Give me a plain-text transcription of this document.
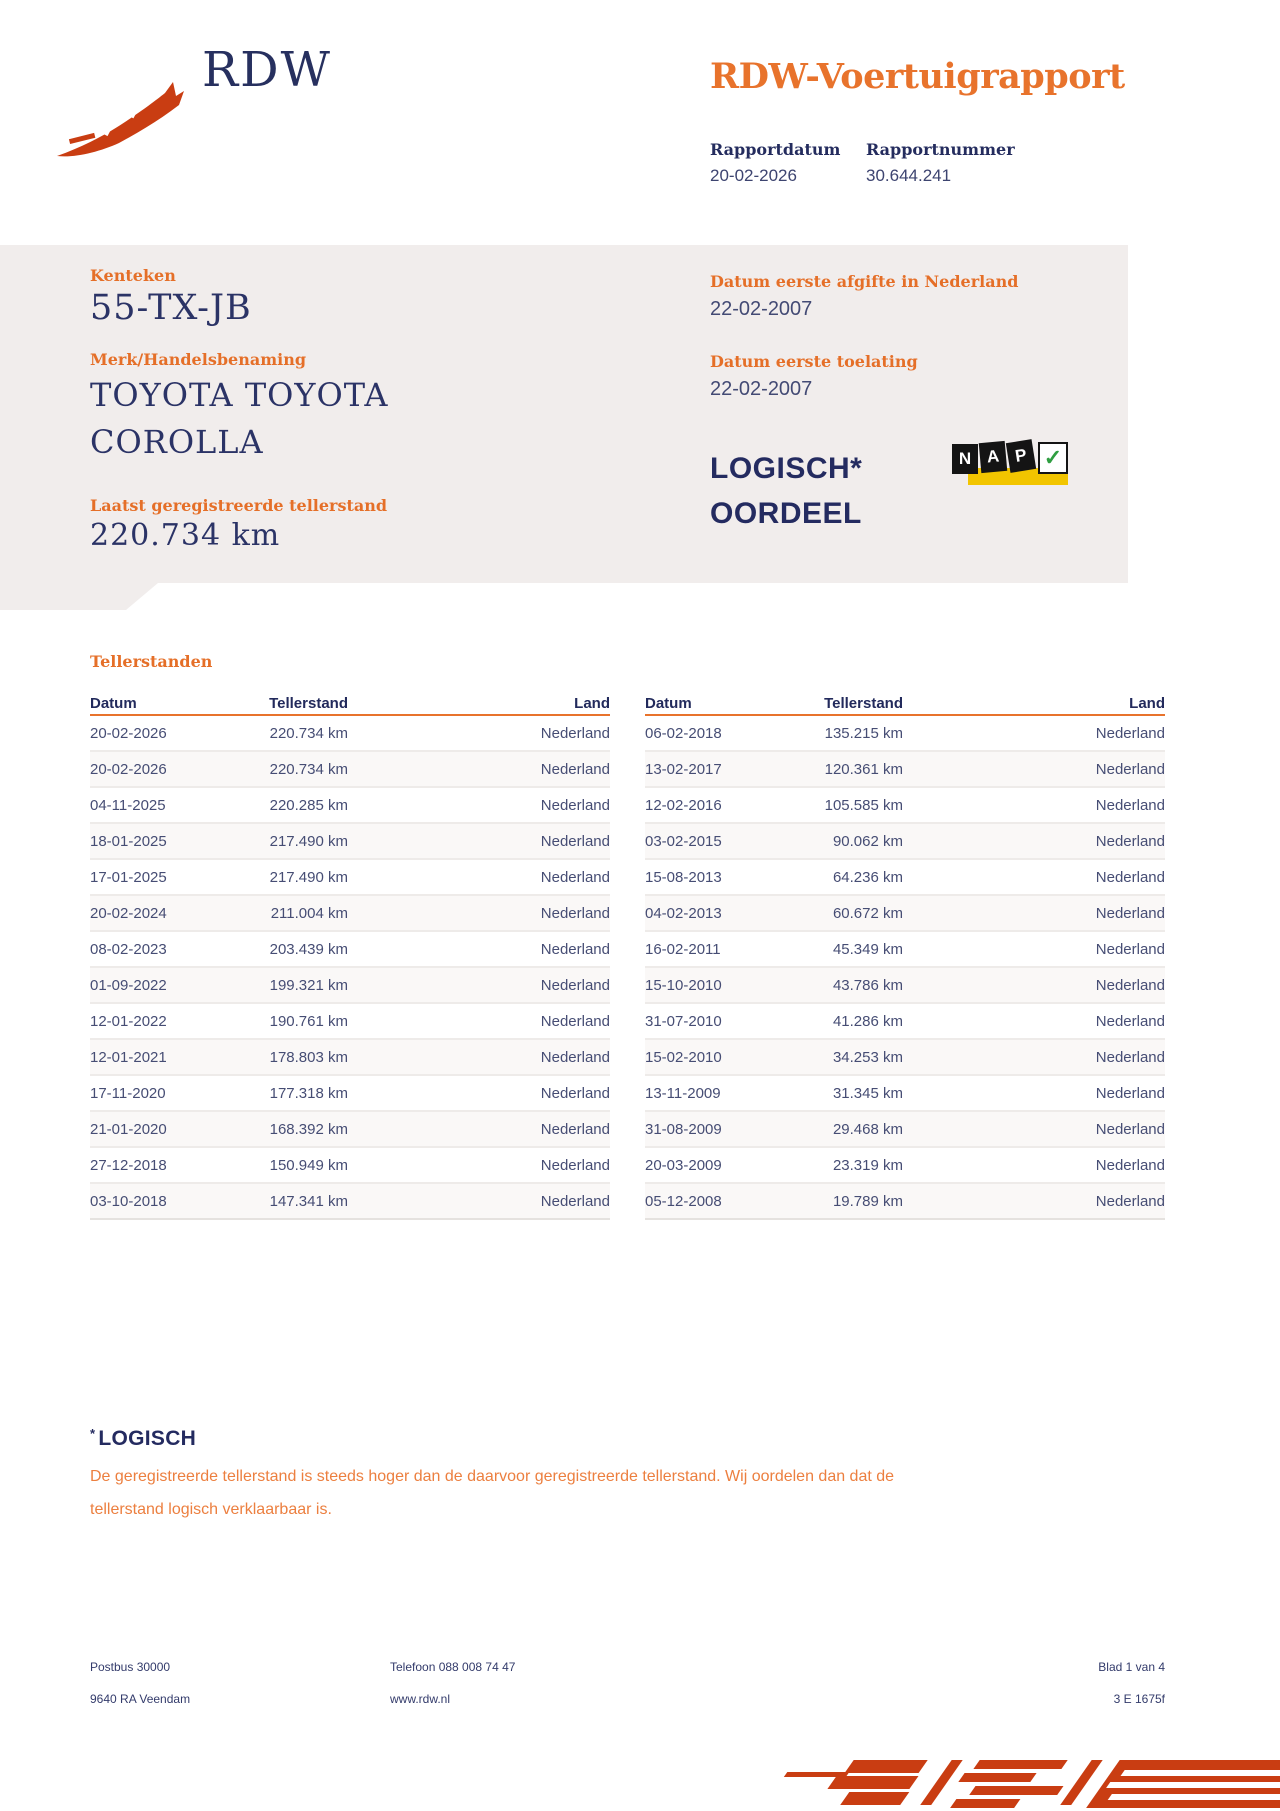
RDW	RDW-Voertuigrapport
Rapportdatum Rapportnummer
20-02-2026	30.644.241
Kenteken
55-TX-JB
Merk/Handelsbenaming
TOYOTA TOYOTA
COROLLA
Laatst geregistreerde tellerstand
220.734 km
Datum eerste afgifte in Nederland
22-02-2007
Datum eerste toelating
22-02-2007
LOGISCH*
OORDEEL
N A P ✓
Tellerstanden
Datum	Tellerstand	Land
20-02-2026	220.734 km	Nederland
20-02-2026	220.734 km	Nederland
04-11-2025	220.285 km	Nederland
18-01-2025	217.490 km	Nederland
17-01-2025	217.490 km	Nederland
20-02-2024	211.004 km	Nederland
08-02-2023	203.439 km	Nederland
01-09-2022	199.321 km	Nederland
12-01-2022	190.761 km	Nederland
12-01-2021	178.803 km	Nederland
17-11-2020	177.318 km	Nederland
21-01-2020	168.392 km	Nederland
27-12-2018	150.949 km	Nederland
03-10-2018	147.341 km	Nederland
Datum	Tellerstand	Land
06-02-2018	135.215 km	Nederland
13-02-2017	120.361 km	Nederland
12-02-2016	105.585 km	Nederland
03-02-2015	90.062 km	Nederland
15-08-2013	64.236 km	Nederland
04-02-2013	60.672 km	Nederland
16-02-2011	45.349 km	Nederland
15-10-2010	43.786 km	Nederland
31-07-2010	41.286 km	Nederland
15-02-2010	34.253 km	Nederland
13-11-2009	31.345 km	Nederland
31-08-2009	29.468 km	Nederland
20-03-2009	23.319 km	Nederland
05-12-2008	19.789 km	Nederland
* LOGISCH
De geregistreerde tellerstand is steeds hoger dan de daarvoor geregistreerde tellerstand. Wij oordelen dan dat de tellerstand logisch verklaarbaar is.
Postbus 30000
9640 RA Veendam
Telefoon 088 008 74 47
www.rdw.nl
Blad 1 van 4
3 E 1675f
